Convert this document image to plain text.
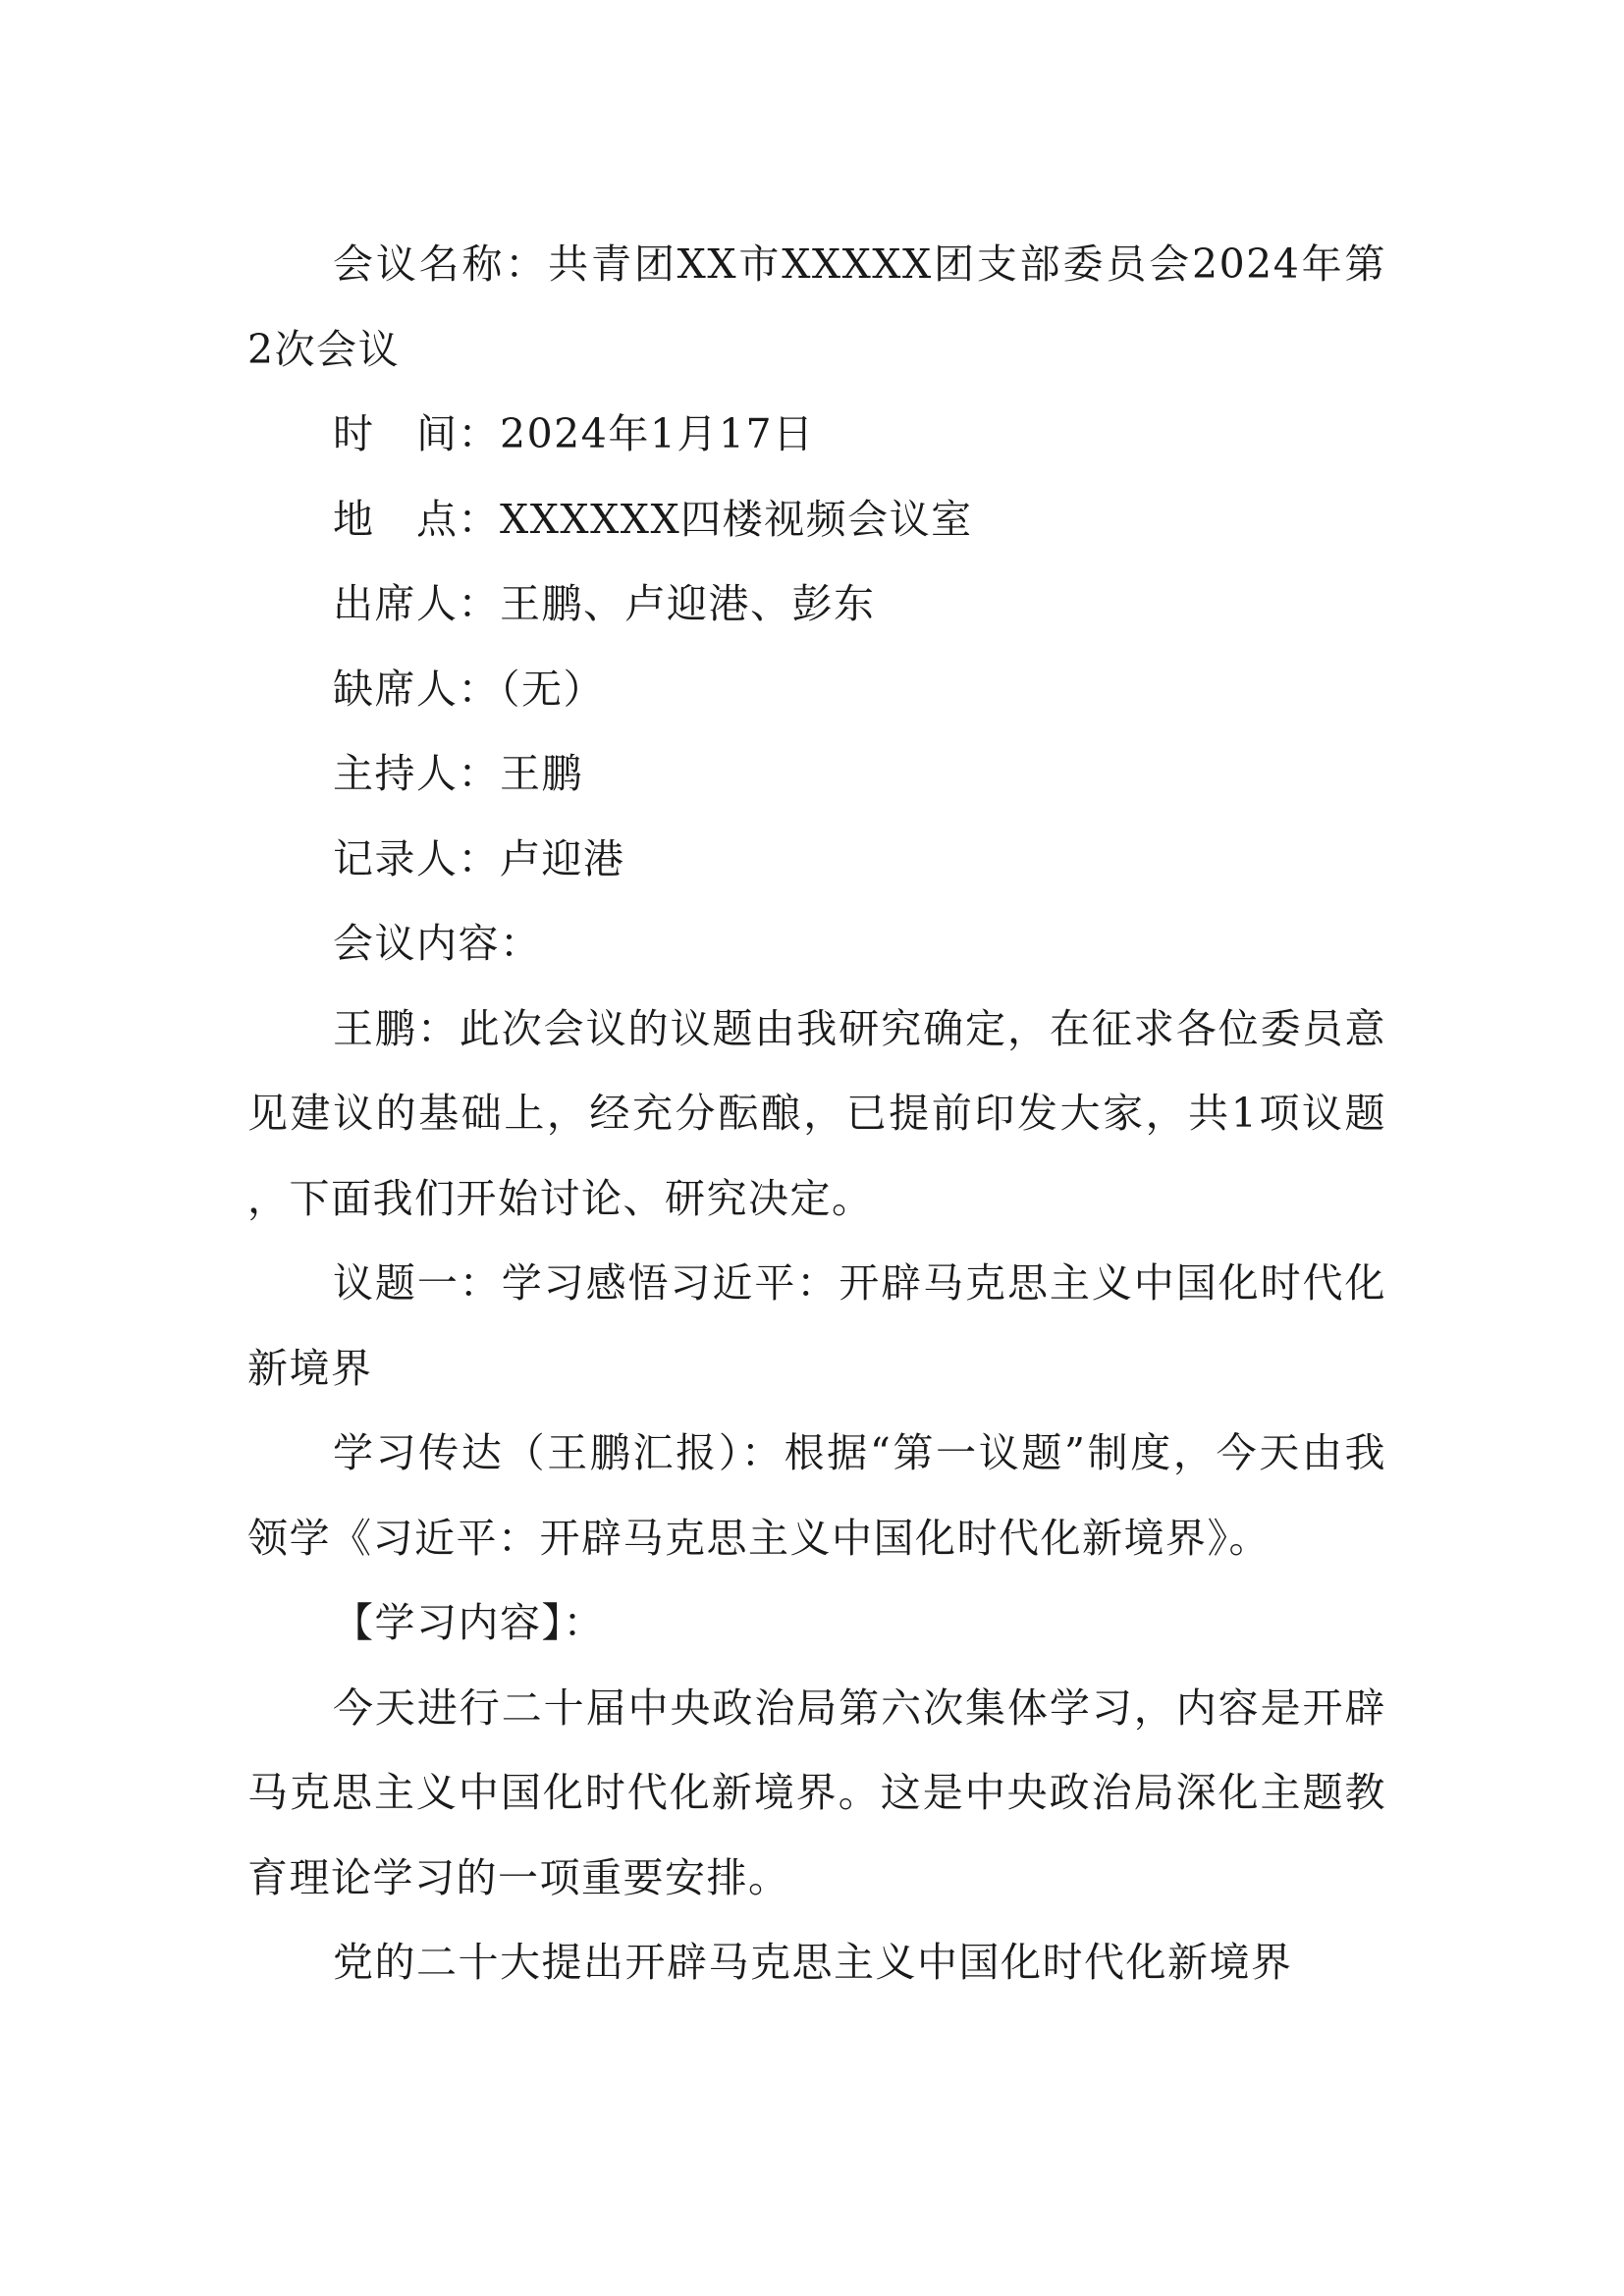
会议名称：共青团XX市XXXXX团支部委员会2024年第2次会议

时　间：2024年1月17日

地　点：XXXXXX四楼视频会议室

出席人：王鹏、卢迎港、彭东

缺席人：（无）

主持人：王鹏

记录人：卢迎港

会议内容：

王鹏：此次会议的议题由我研究确定，在征求各位委员意见建议的基础上，经充分酝酿，已提前印发大家，共1项议题，下面我们开始讨论、研究决定。

议题一：学习感悟习近平：开辟马克思主义中国化时代化新境界

学习传达（王鹏汇报）：根据“第一议题”制度，今天由我领学《习近平：开辟马克思主义中国化时代化新境界》。

【学习内容】：

今天进行二十届中央政治局第六次集体学习，内容是开辟马克思主义中国化时代化新境界。这是中央政治局深化主题教育理论学习的一项重要安排。

党的二十大提出开辟马克思主义中国化时代化新境界
